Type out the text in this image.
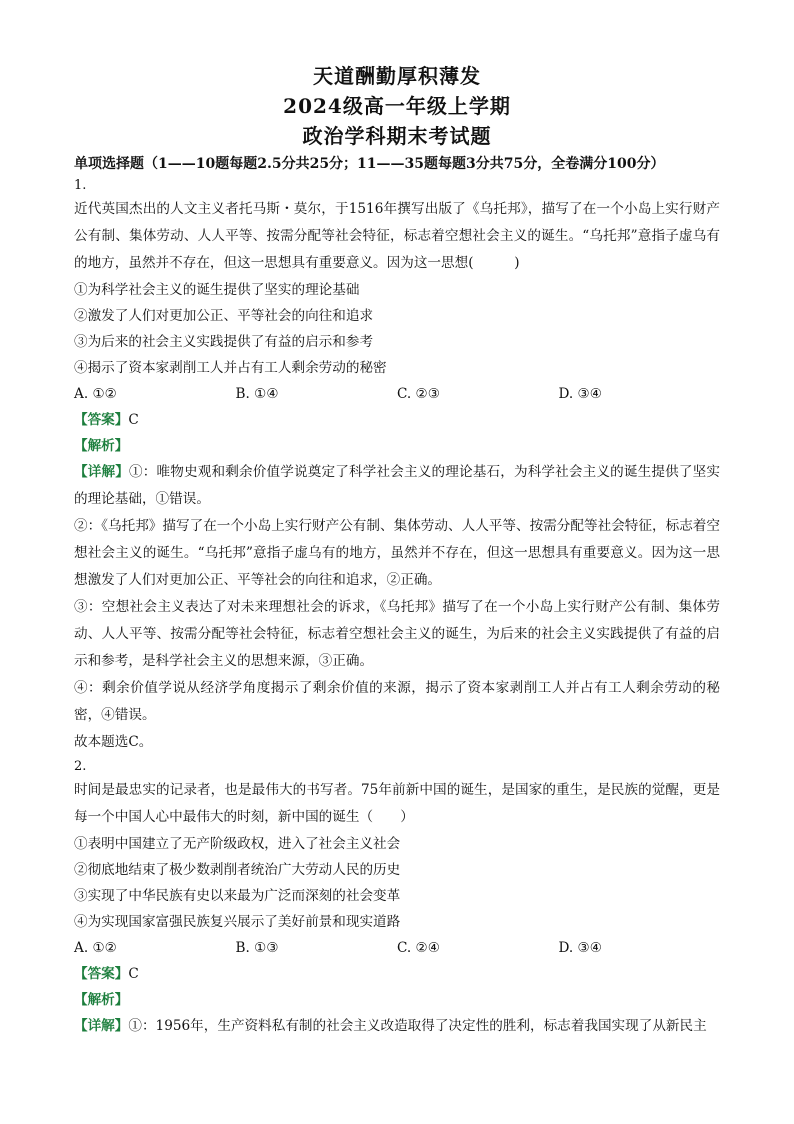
天道酬勤厚积薄发
2024级高一年级上学期
政治学科期末考试题
单项选择题（1——10题每题2.5分共25分；11——35题每题3分共75分，全卷满分100分）
1.

近代英国杰出的人文主义者托马斯・莫尔，于1516年撰写出版了《乌托邦》，描写了在一个小岛上实行财产公有制、集体劳动、人人平等、按需分配等社会特征，标志着空想社会主义的诞生。“乌托邦”意指子虚乌有的地方，虽然并不存在，但这一思想具有重要意义。因为这一思想(　　　)

①为科学社会主义的诞生提供了坚实的理论基础

②激发了人们对更加公正、平等社会的向往和追求

③为后来的社会主义实践提供了有益的启示和参考

④揭示了资本家剥削工人并占有工人剩余劳动的秘密

A. ①②	B. ①④	C. ②③	D. ③④
【答案】C
【解析】

【详解】①：唯物史观和剩余价值学说奠定了科学社会主义的理论基石，为科学社会主义的诞生提供了坚实的理论基础，①错误。

②：《乌托邦》描写了在一个小岛上实行财产公有制、集体劳动、人人平等、按需分配等社会特征，标志着空想社会主义的诞生。“乌托邦”意指子虚乌有的地方，虽然并不存在，但这一思想具有重要意义。因为这一思想激发了人们对更加公正、平等社会的向往和追求，②正确。

③：空想社会主义表达了对未来理想社会的诉求，《乌托邦》描写了在一个小岛上实行财产公有制、集体劳动、人人平等、按需分配等社会特征，标志着空想社会主义的诞生，为后来的社会主义实践提供了有益的启示和参考，是科学社会主义的思想来源，③正确。

④：剩余价值学说从经济学角度揭示了剩余价值的来源，揭示了资本家剥削工人并占有工人剩余劳动的秘密，④错误。

故本题选C。

2.

时间是最忠实的记录者，也是最伟大的书写者。75年前新中国的诞生，是国家的重生，是民族的觉醒，更是每一个中国人心中最伟大的时刻，新中国的诞生（　　）

①表明中国建立了无产阶级政权，进入了社会主义社会

②彻底地结束了极少数剥削者统治广大劳动人民的历史

③实现了中华民族有史以来最为广泛而深刻的社会变革

④为实现国家富强民族复兴展示了美好前景和现实道路

A. ①②	B. ①③	C. ②④	D. ③④
【答案】C
【解析】

【详解】①：1956年，生产资料私有制的社会主义改造取得了决定性的胜利，标志着我国实现了从新民主
